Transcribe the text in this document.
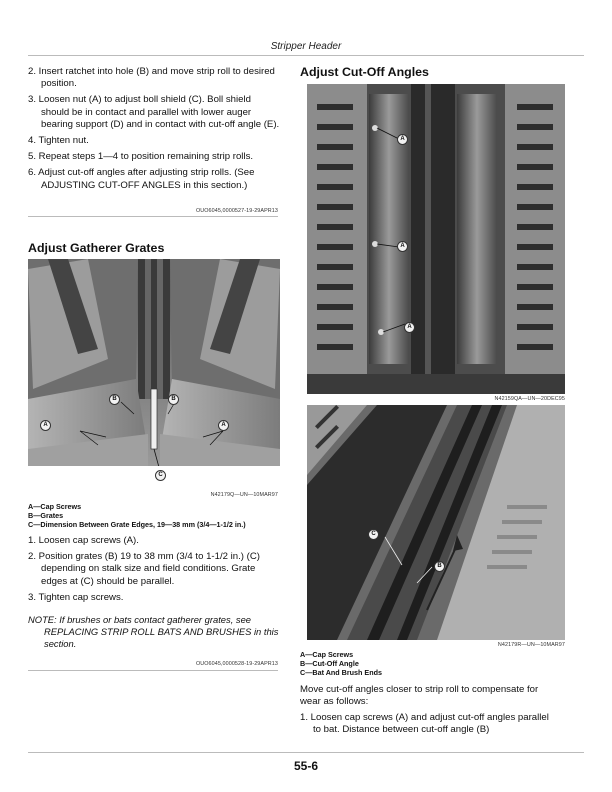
Stripper Header
2. Insert ratchet into hole (B) and move strip roll to desired position.
3. Loosen nut (A) to adjust boll shield (C). Boll shield should be in contact and parallel with lower auger bearing support (D) and in contact with cut-off angle (E).
4. Tighten nut.
5. Repeat steps 1—4 to position remaining strip rolls.
6. Adjust cut-off angles after adjusting strip rolls. (See ADJUSTING CUT-OFF ANGLES in this section.)
OUO6045,0000527-19-29APR13
Adjust Gatherer Grates
A	A
B	B
C
N42179Q—UN—10MAR97
A—Cap Screws
B—Grates
C—Dimension Between Grate Edges, 19—38 mm (3/4—1-1/2 in.)
1. Loosen cap screws (A).
2. Position grates (B) 19 to 38 mm (3/4 to 1-1/2 in.) (C) depending on stalk size and field conditions. Grate edges at (C) should be parallel.
3. Tighten cap screws.
NOTE: If brushes or bats contact gatherer grates, see REPLACING STRIP ROLL BATS AND BRUSHES in this section.
OUO6045,0000528-19-29APR13
Adjust Cut-Off Angles
A
A
A
N42159QA—UN—20DEC95
C
B
N42179R—UN—10MAR97
A—Cap Screws
B—Cut-Off Angle
C—Bat And Brush Ends
Move cut-off angles closer to strip roll to compensate for wear as follows:
1. Loosen cap screws (A) and adjust cut-off angles parallel to bat. Distance between cut-off angle (B)
55-6
